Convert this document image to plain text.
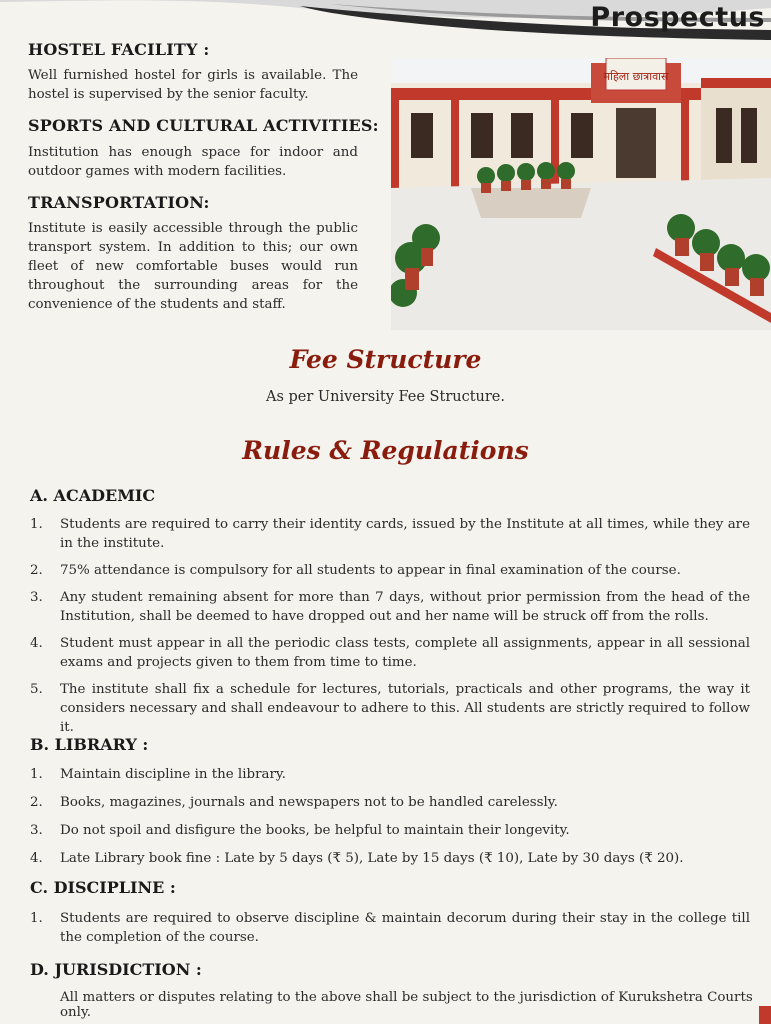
Prospectus
HOSTEL FACILITY :

Well furnished hostel for girls is available. The hostel is supervised by the senior faculty.

SPORTS AND CULTURAL ACTIVITIES:

Institution has enough space for indoor and outdoor games with modern facilities.

TRANSPORTATION:

Institute is easily accessible through the public transport system. In addition to this; our own fleet of new comfortable buses would run throughout the surrounding areas for the convenience of the students and staff.

महिला छात्रावास
Fee Structure
As per University Fee Structure.
Rules & Regulations
A. ACADEMIC
1. Students are required to carry their identity cards, issued by the Institute at all times, while they are in the institute.
2. 75% attendance is compulsory for all students to appear in final examination of the course.
3. Any student remaining absent for more than 7 days, without prior permission from the head of the Institution, shall be deemed to have dropped out and her name will be struck off from the rolls.
4. Student must appear in all the periodic class tests, complete all assignments, appear in all sessional exams and projects given to them from time to time.
5. The institute shall fix a schedule for lectures, tutorials, practicals and other programs, the way it considers necessary and shall endeavour to adhere to this. All students are strictly required to follow it.
B. LIBRARY :
1. Maintain discipline in the library.
2. Books, magazines, journals and newspapers not to be handled carelessly.
3. Do not spoil and disfigure the books, be helpful to maintain their longevity.
4. Late Library book fine : Late by 5 days (₹ 5), Late by 15 days (₹ 10), Late by 30 days (₹ 20).
C. DISCIPLINE :
1. Students are required to observe discipline & maintain decorum during their stay in the college till the completion of the course.
D. JURISDICTION :
All matters or disputes relating to the above shall be subject to the jurisdiction of Kurukshetra Courts only.
